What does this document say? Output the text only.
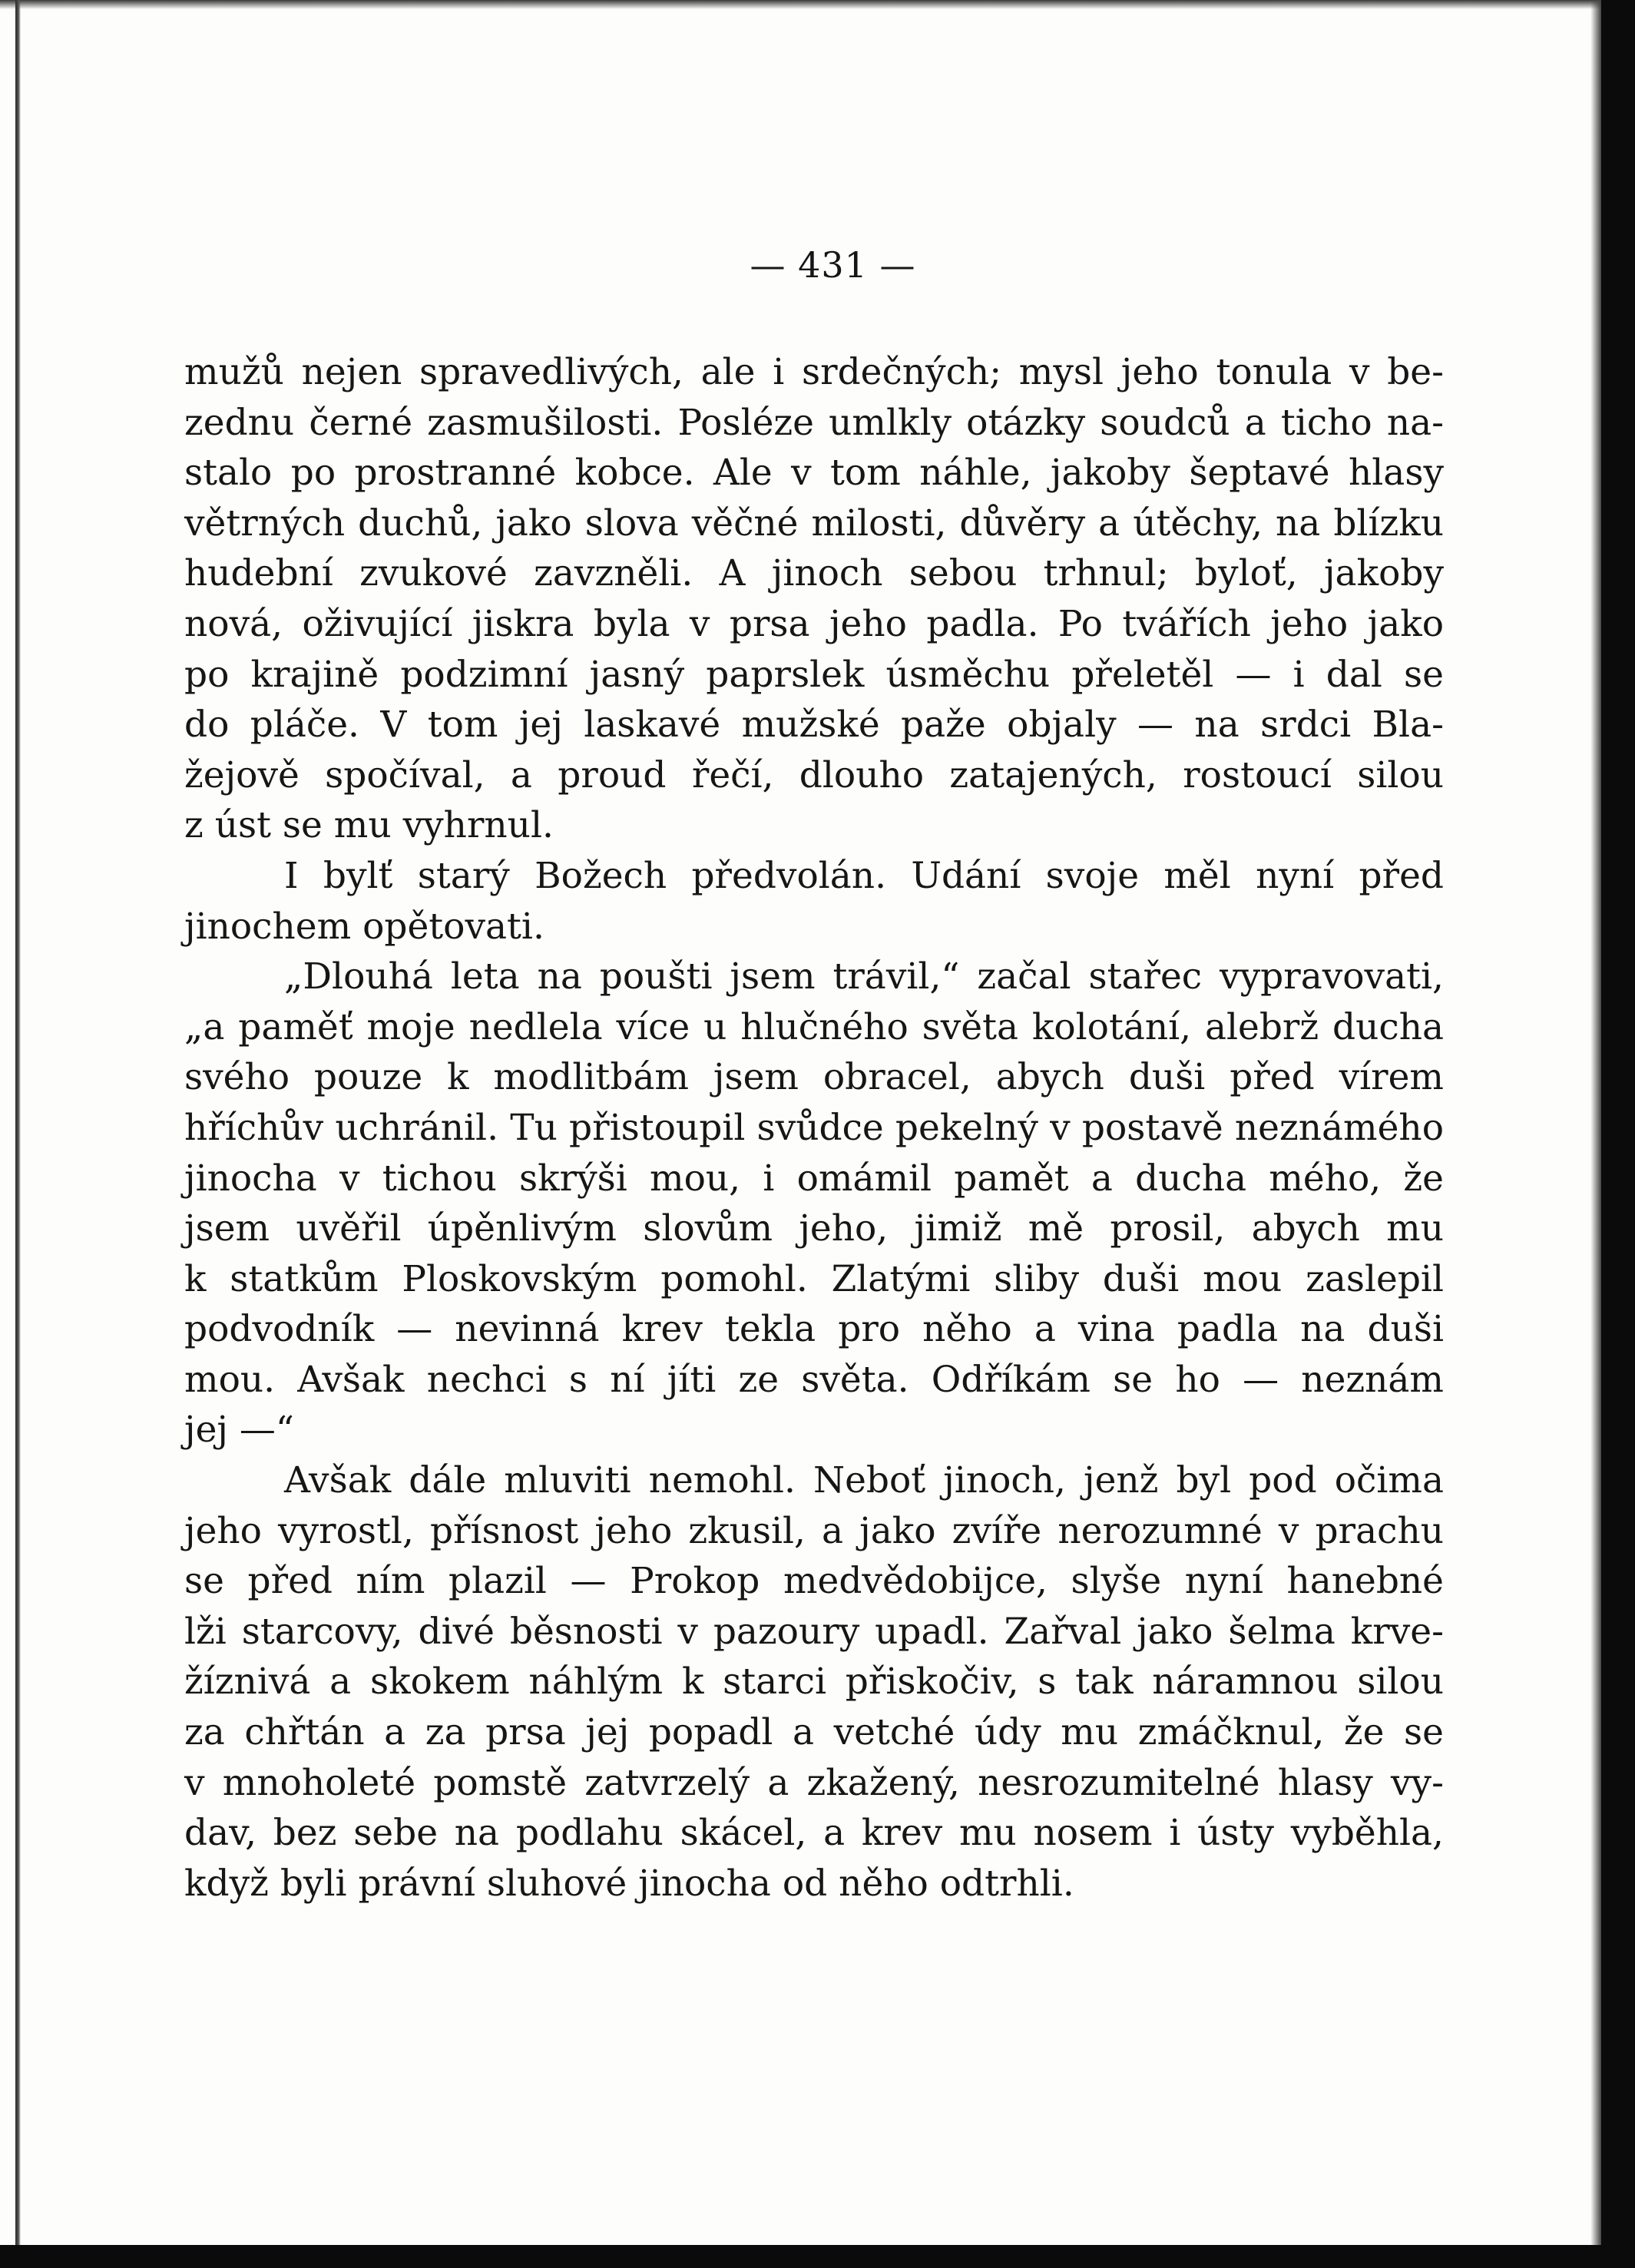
— 431 —

mužů nejen spravedlivých, ale i srdečných; mysl jeho tonula v be-
zednu černé zasmušilosti. Posléze umlkly otázky soudců a ticho na-
stalo po prostranné kobce. Ale v tom náhle, jakoby šeptavé hlasy
větrných duchů, jako slova věčné milosti, důvěry a útěchy, na blízku
hudební zvukové zavzněli. A jinoch sebou trhnul; byloť, jakoby
nová, oživující jiskra byla v prsa jeho padla. Po tvářích jeho jako
po krajině podzimní jasný paprslek úsměchu přeletěl — i dal se
do pláče. V tom jej laskavé mužské paže objaly — na srdci Bla-
žejově spočíval, a proud řečí, dlouho zatajených, rostoucí silou
z úst se mu vyhrnul.

I bylť starý Božech předvolán. Udání svoje měl nyní před
jinochem opětovati.

„Dlouhá leta na poušti jsem trávil,“ začal stařec vypravovati,
„a paměť moje nedlela více u hlučného světa kolotání, alebrž ducha
svého pouze k modlitbám jsem obracel, abych duši před vírem
hříchův uchránil. Tu přistoupil svůdce pekelný v postavě neznámého
jinocha v tichou skrýši mou, i omámil pamět a ducha mého, že
jsem uvěřil úpěnlivým slovům jeho, jimiž mě prosil, abych mu
k statkům Ploskovským pomohl. Zlatými sliby duši mou zaslepil
podvodník — nevinná krev tekla pro něho a vina padla na duši
mou. Avšak nechci s ní jíti ze světa. Odříkám se ho — neznám
jej —“

Avšak dále mluviti nemohl. Neboť jinoch, jenž byl pod očima
jeho vyrostl, přísnost jeho zkusil, a jako zvíře nerozumné v prachu
se před ním plazil — Prokop medvědobijce, slyše nyní hanebné
lži starcovy, divé běsnosti v pazoury upadl. Zařval jako šelma krve-
žíznivá a skokem náhlým k starci přiskočiv, s tak náramnou silou
za chřtán a za prsa jej popadl a vetché údy mu zmáčknul, že se
v mnoholeté pomstě zatvrzelý a zkažený, nesrozumitelné hlasy vy-
dav, bez sebe na podlahu skácel, a krev mu nosem i ústy vyběhla,
když byli právní sluhové jinocha od něho odtrhli.
